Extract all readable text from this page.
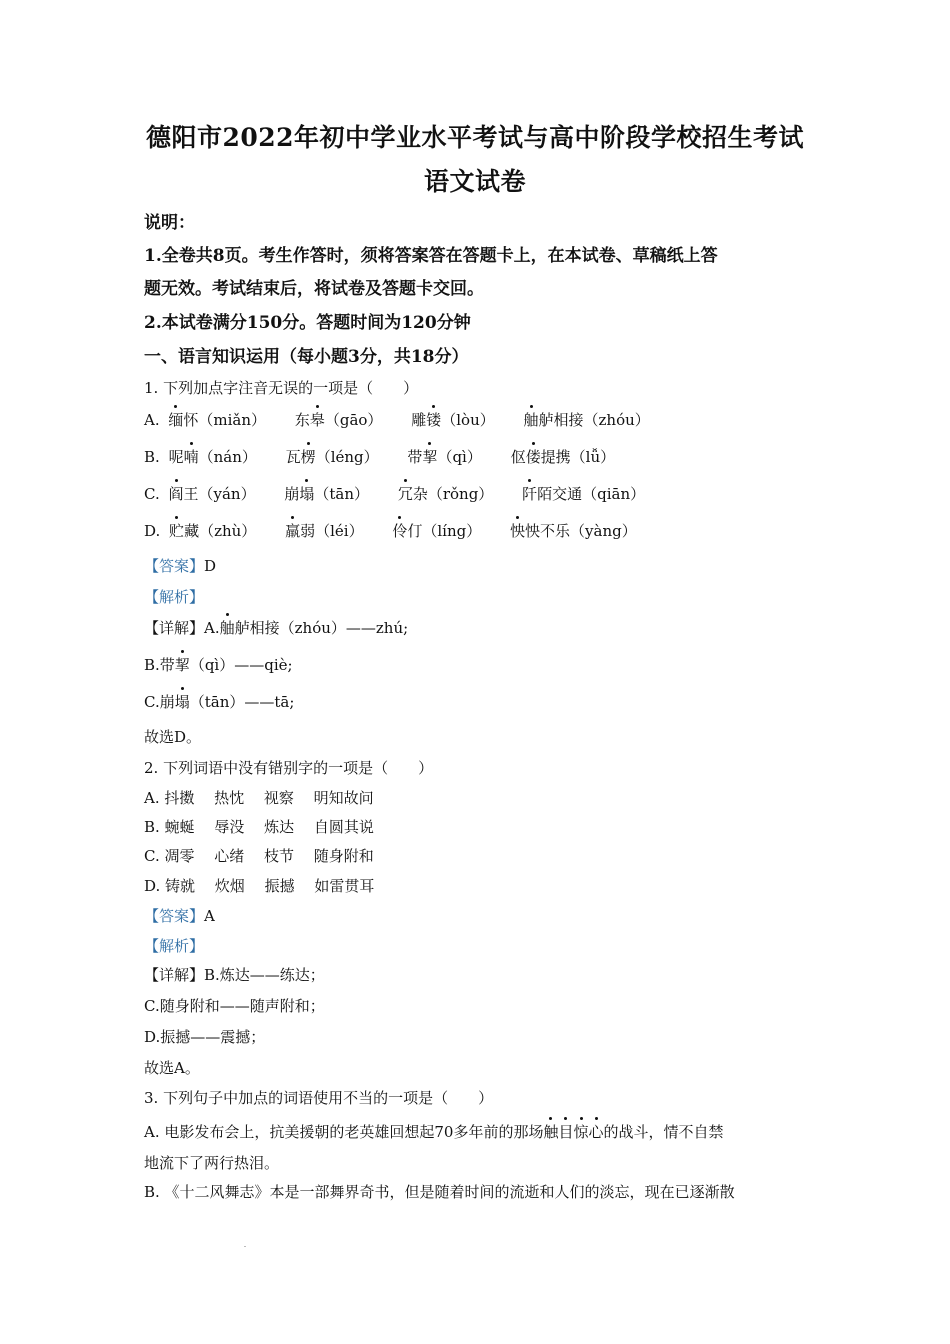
德阳市2022年初中学业水平考试与高中阶段学校招生考试
语文试卷
说明：
1.全卷共8页。考生作答时，须将答案答在答题卡上，在本试卷、草稿纸上答
题无效。考试结束后，将试卷及答题卡交回。
2.本试卷满分150分。答题时间为120分钟
一、语言知识运用（每小题3分，共18分）
1. 下列加点字注音无误的一项是（　　）
A. 缅怀（miǎn） 东皋（gāo） 雕镂（lòu） 舳舻相接（zhóu）
B. 呢喃（nán） 瓦楞（léng） 带挈（qì） 伛偻提携（lǚ）
C. 阎王（yán） 崩塌（tān） 冗杂（rǒng） 阡陌交通（qiān）
D. 贮藏（zhù） 羸弱（léi） 伶仃（líng） 怏怏不乐（yàng）
【答案】D
【解析】
【详解】A.舳舻相接（zhóu）——zhú;
B.带挈（qì）——qiè;
C.崩塌（tān）——tā;
故选D。
2. 下列词语中没有错别字的一项是（　　）
A. 抖擞　 热忱　 视察　 明知故问
B. 蜿蜒　 辱没　 炼达　 自圆其说
C. 凋零　 心绪　 枝节　 随身附和
D. 铸就　 炊烟　 振撼　 如雷贯耳
【答案】A
【解析】
【详解】B.炼达——练达；
C.随身附和——随声附和；
D.振撼——震撼；
故选A。
3. 下列句子中加点的词语使用不当的一项是（　　）
A. 电影发布会上，抗美援朝的老英雄回想起70多年前的那场触目惊心的战斗，情不自禁
地流下了两行热泪。
B. 《十二风舞志》本是一部舞界奇书，但是随着时间的流逝和人们的淡忘，现在已逐渐散
